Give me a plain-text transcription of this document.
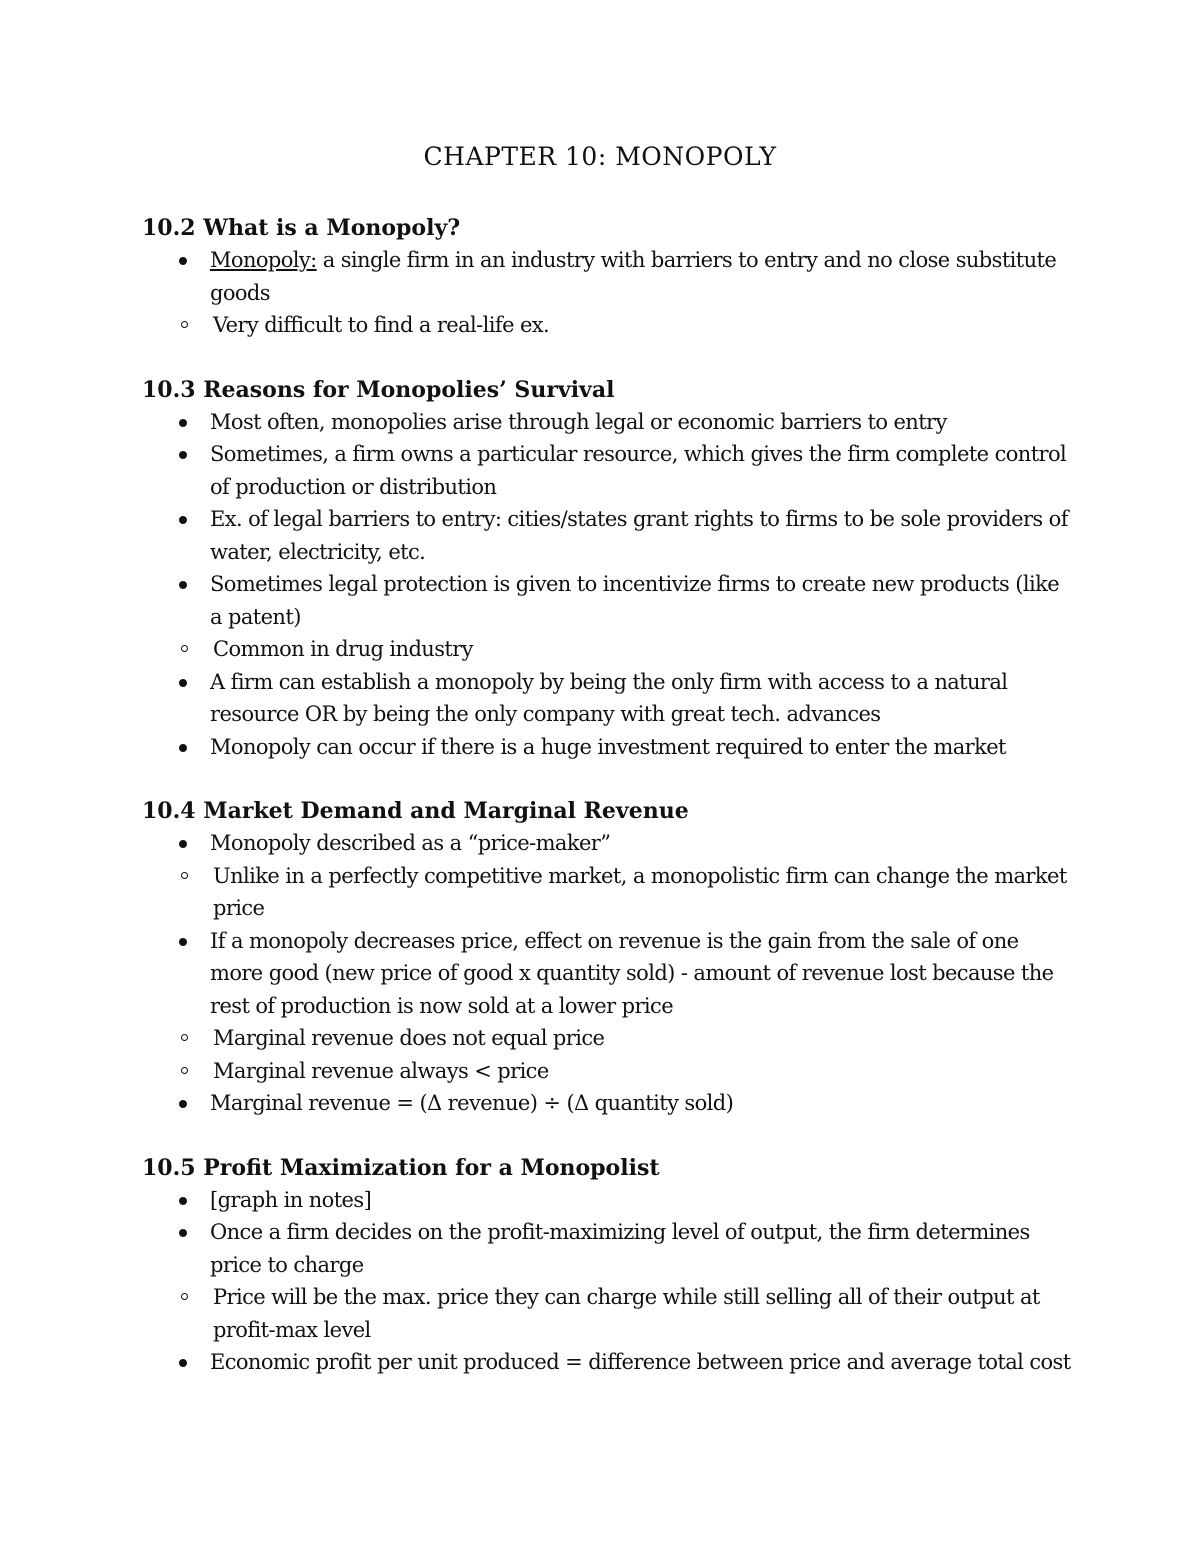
CHAPTER 10: MONOPOLY
10.2 What is a Monopoly?
Monopoly: a single firm in an industry with barriers to entry and no close substitute goods
Very difficult to find a real-life ex.
10.3 Reasons for Monopolies’ Survival
Most often, monopolies arise through legal or economic barriers to entry
Sometimes, a firm owns a particular resource, which gives the firm complete control of production or distribution
Ex. of legal barriers to entry: cities/states grant rights to firms to be sole providers of water, electricity, etc.
Sometimes legal protection is given to incentivize firms to create new products (like a patent)
Common in drug industry
A firm can establish a monopoly by being the only firm with access to a natural resource OR by being the only company with great tech. advances
Monopoly can occur if there is a huge investment required to enter the market
10.4 Market Demand and Marginal Revenue
Monopoly described as a “price-maker”
Unlike in a perfectly competitive market, a monopolistic firm can change the market price
If a monopoly decreases price, effect on revenue is the gain from the sale of one more good (new price of good x quantity sold) - amount of revenue lost because the rest of production is now sold at a lower price
Marginal revenue does not equal price
Marginal revenue always < price
Marginal revenue = (Δ revenue) ÷ (Δ quantity sold)
10.5 Profit Maximization for a Monopolist
[graph in notes]
Once a firm decides on the profit-maximizing level of output, the firm determines price to charge
Price will be the max. price they can charge while still selling all of their output at profit-max level
Economic profit per unit produced = difference between price and average total cost
